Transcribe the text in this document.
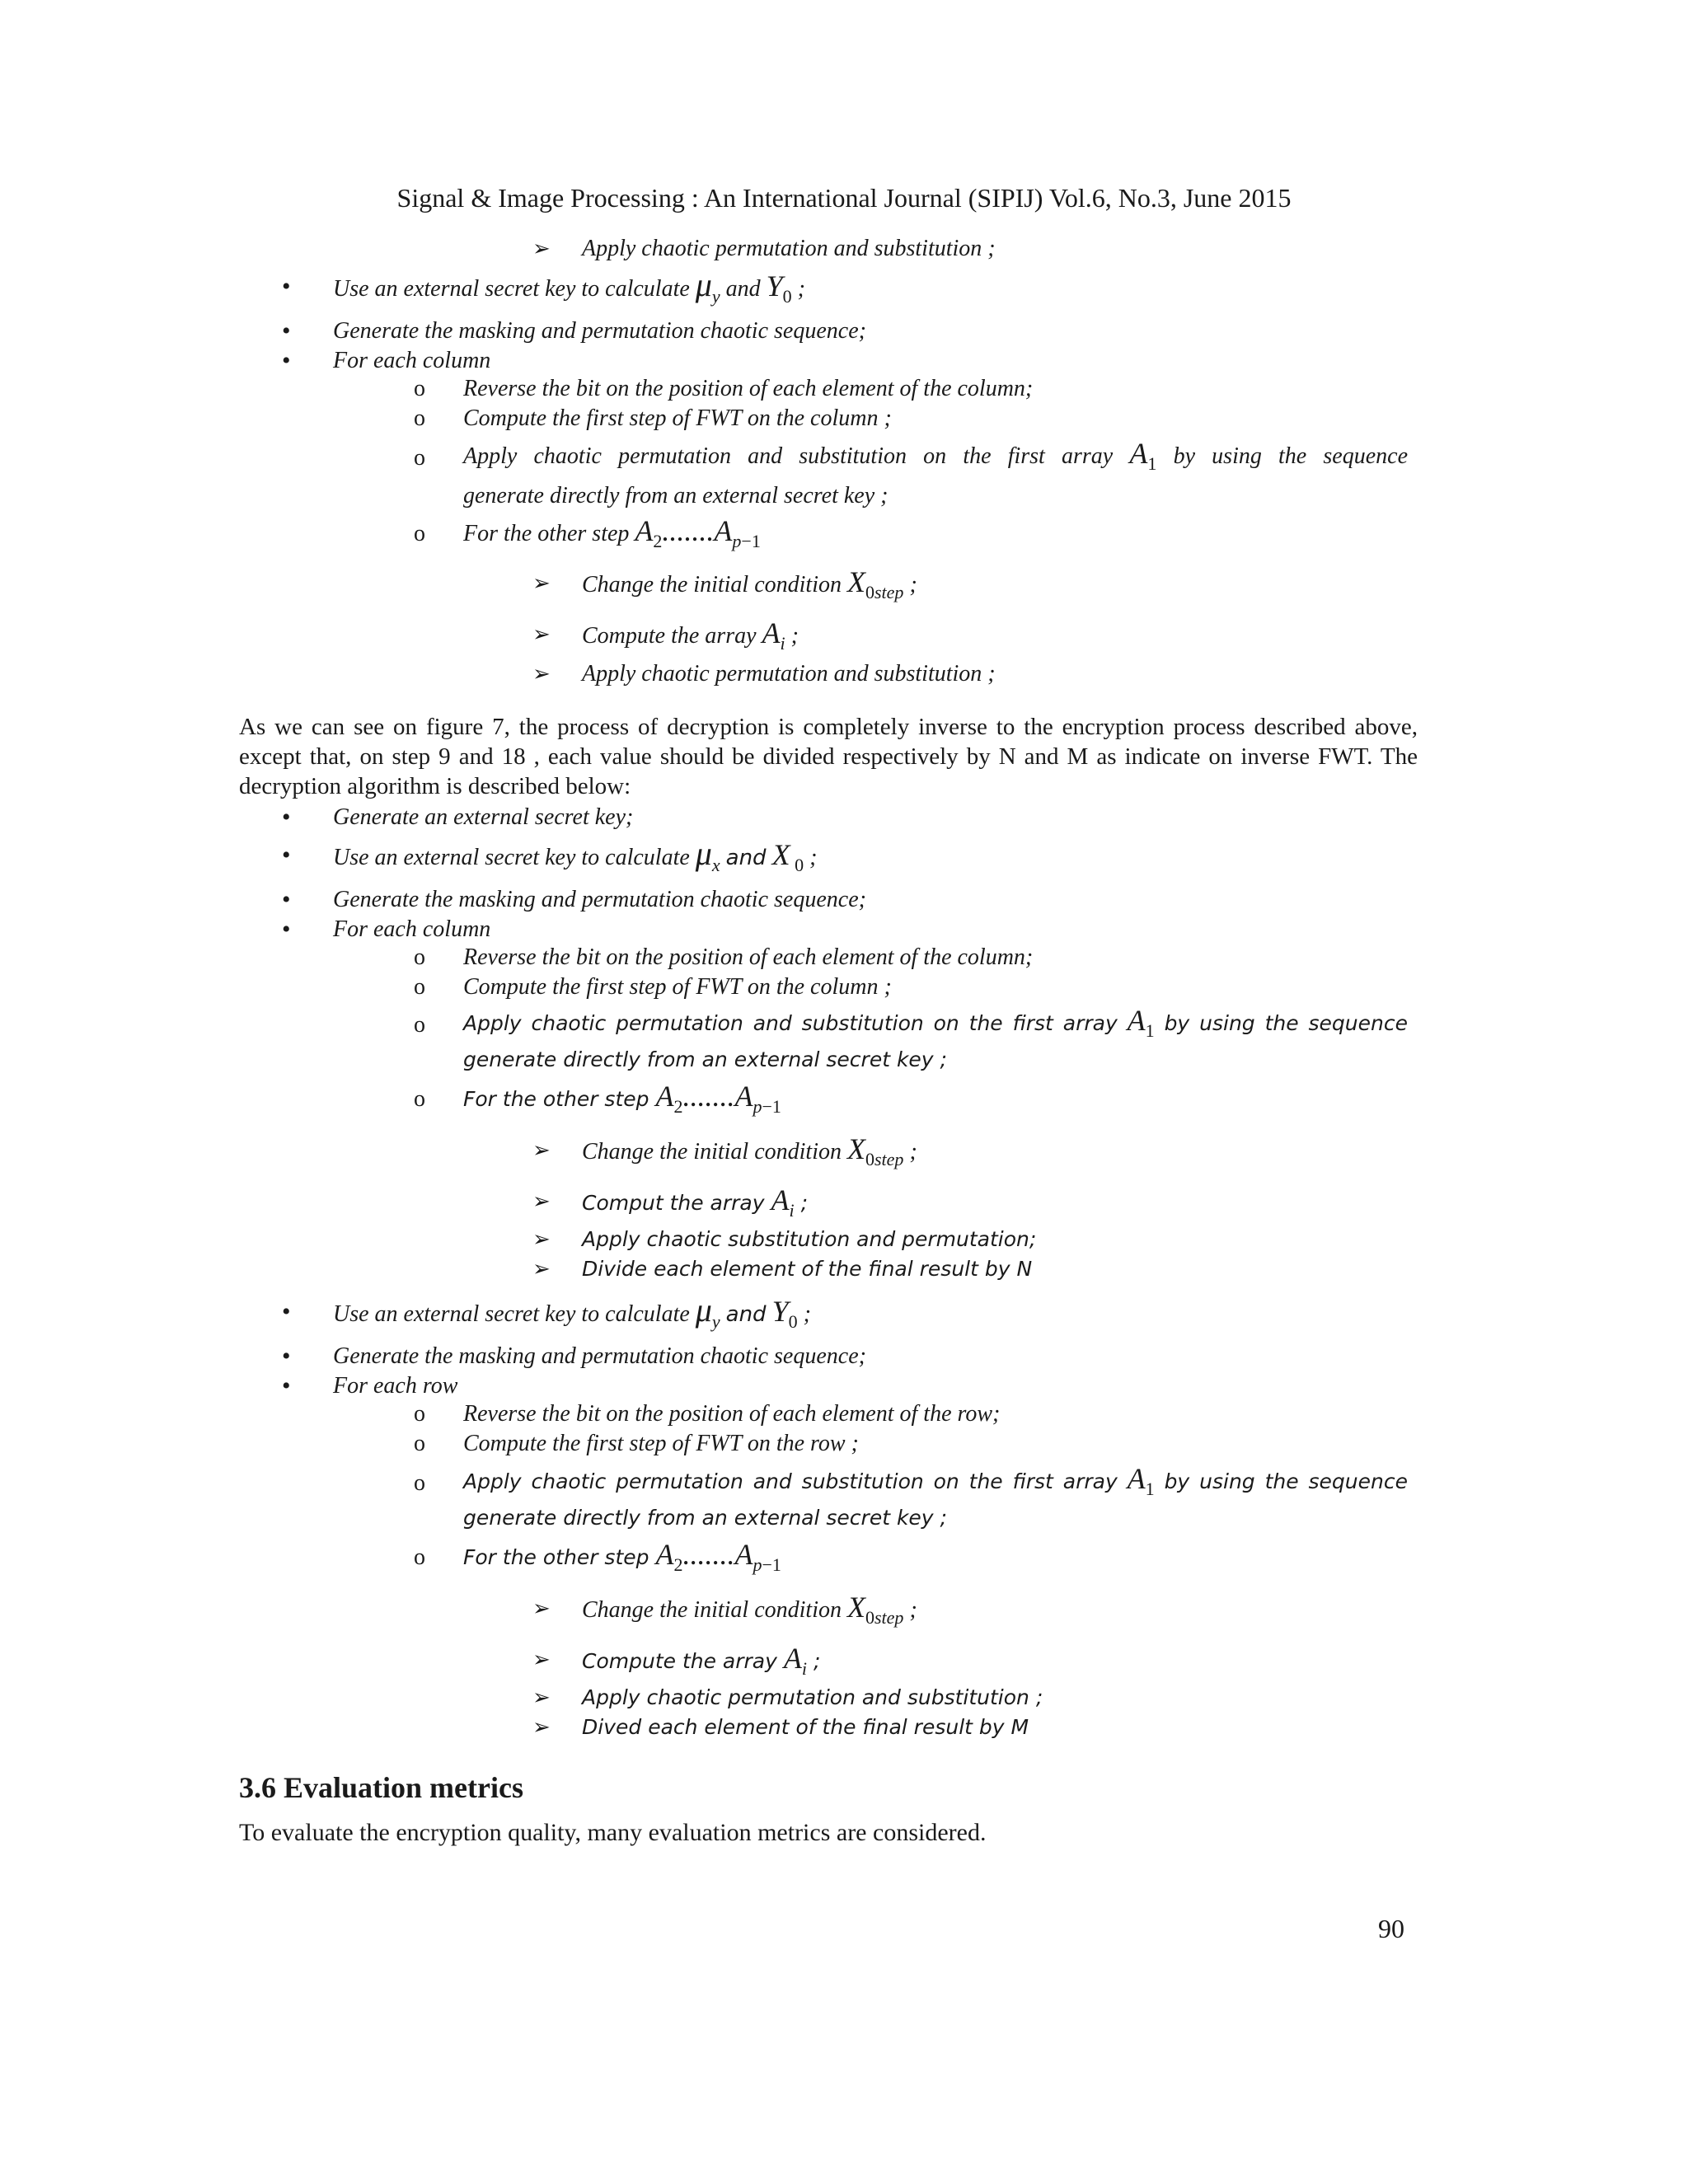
Signal & Image Processing : An International Journal (SIPIJ) Vol.6, No.3, June 2015
➢ Apply chaotic permutation and substitution ;
• Use an external secret key to calculate $\mu_y$ and $Y_0$ ;
• Generate the masking and permutation chaotic sequence;
• For each column
o Reverse the bit on the position of each element of the column;
o Compute the first step of FWT on the column ;
o Apply chaotic permutation and substitution on the first array $A_1$ by using the sequence
generate directly from an external secret key ;
o For the other step $A_2.......A_{p-1}$
➢ Change the initial condition $X_{0step}$ ;
➢ Compute the array $A_i$ ;
➢ Apply chaotic permutation and substitution ;
As we can see on figure 7, the process of decryption is completely inverse to the encryption process described above, except that, on step 9 and 18 , each value should be divided respectively by N and M as indicate on inverse FWT. The decryption algorithm is described below:
• Generate an external secret key;
• Use an external secret key to calculate $\mu_x$ and X $_0$ ;
• Generate the masking and permutation chaotic sequence;
• For each column
o Reverse the bit on the position of each element of the column;
o Compute the first step of FWT on the column ;
o Apply chaotic permutation and substitution on the first array $A_1$ by using the sequence
generate directly from an external secret key ;
o For the other step $A_2.......A_{p-1}$
➢ Change the initial condition $X_{0step}$ ;
➢ Comput the array $A_i$ ;
➢ Apply chaotic substitution and permutation;
➢ Divide each element of the final result by N
• Use an external secret key to calculate $\mu_y$ and $Y_0$ ;
• Generate the masking and permutation chaotic sequence;
• For each row
o Reverse the bit on the position of each element of the row;
o Compute the first step of FWT on the row ;
o Apply chaotic permutation and substitution on the first array $A_1$ by using the sequence
generate directly from an external secret key ;
o For the other step $A_2.......A_{p-1}$
➢ Change the initial condition $X_{0step}$ ;
➢ Compute the array $A_i$ ;
➢ Apply chaotic permutation and substitution ;
➢ Dived each element of the final result by M
3.6 Evaluation metrics
To evaluate the encryption quality, many evaluation metrics are considered.
90
